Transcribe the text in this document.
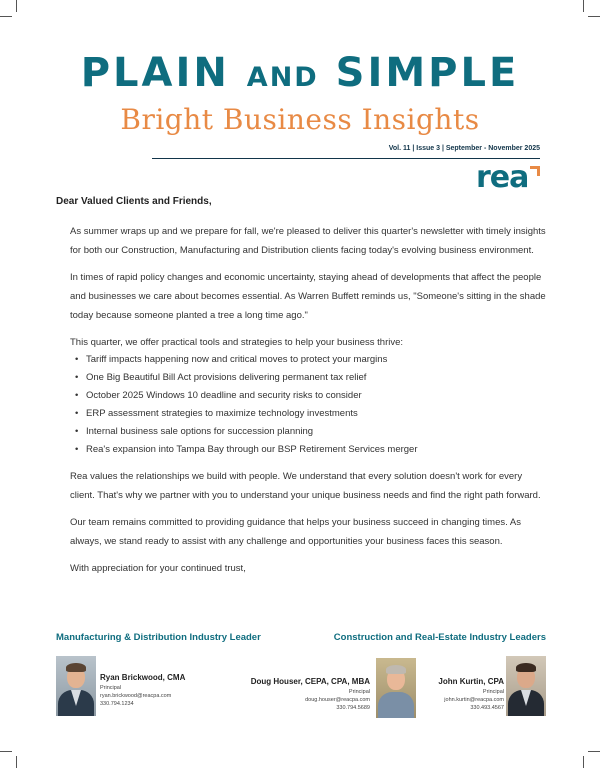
PLAIN AND SIMPLE
Bright Business Insights
Vol. 11 | Issue 3 | September - November 2025
rea
Dear Valued Clients and Friends,

As summer wraps up and we prepare for fall, we're pleased to deliver this quarter's newsletter with timely insights for both our Construction, Manufacturing and Distribution clients facing today's evolving business environment.

In times of rapid policy changes and economic uncertainty, staying ahead of developments that affect the people and businesses we care about becomes essential. As Warren Buffett reminds us, "Someone's sitting in the shade today because someone planted a tree a long time ago."

This quarter, we offer practical tools and strategies to help your business thrive:

• Tariff impacts happening now and critical moves to protect your margins
• One Big Beautiful Bill Act provisions delivering permanent tax relief
• October 2025 Windows 10 deadline and security risks to consider
• ERP assessment strategies to maximize technology investments
• Internal business sale options for succession planning
• Rea's expansion into Tampa Bay through our BSP Retirement Services merger

Rea values the relationships we build with people. We understand that every solution doesn't work for every client. That's why we partner with you to understand your unique business needs and find the right path forward.

Our team remains committed to providing guidance that helps your business succeed in changing times. As always, we stand ready to assist with any challenge and opportunities your business faces this season.

With appreciation for your continued trust,

Manufacturing & Distribution Industry Leader	Construction and Real-Estate Industry Leaders
Ryan Brickwood, CMA
Principal
ryan.brickwood@reacpa.com
330.794.1234
Doug Houser, CEPA, CPA, MBA
Principal
doug.houser@reacpa.com
330.794.5689
John Kurtin, CPA
Principal
john.kurtin@reacpa.com
330.493.4567
